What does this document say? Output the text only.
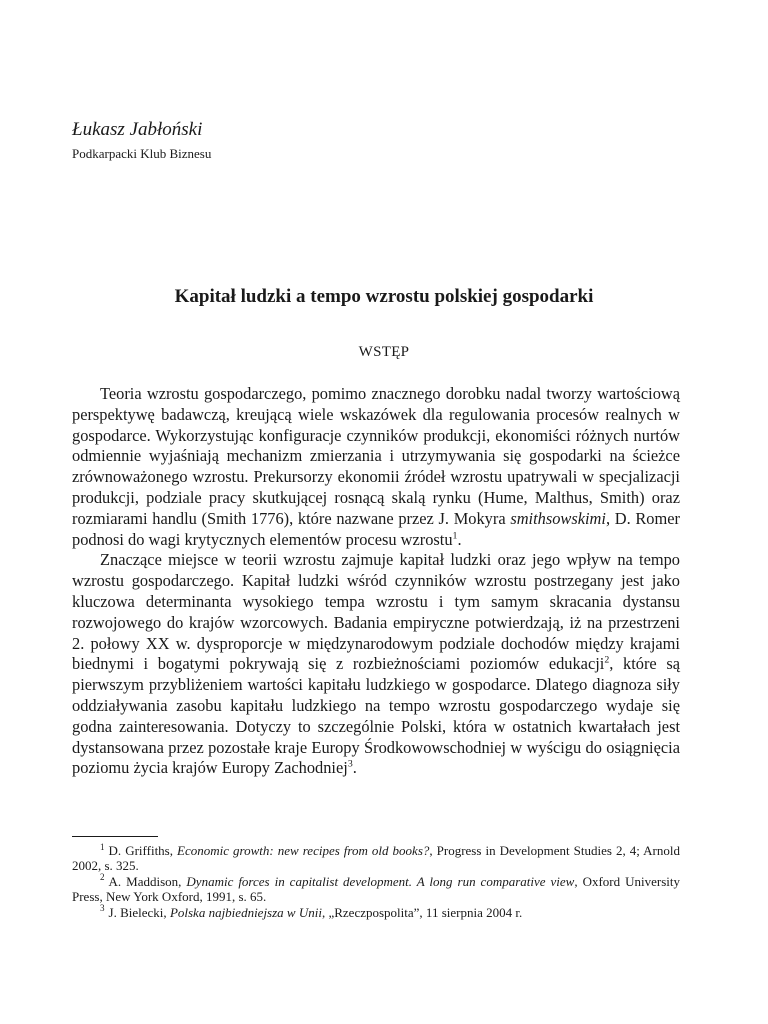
Łukasz Jabłoński
Podkarpacki Klub Biznesu
Kapitał ludzki a tempo wzrostu polskiej gospodarki
WSTĘP

Teoria wzrostu gospodarczego, pomimo znacznego dorobku nadal tworzy wartościową perspektywę badawczą, kreującą wiele wskazówek dla regulowania procesów realnych w gospodarce. Wykorzystując konfiguracje czynników produkcji, ekonomiści różnych nurtów odmiennie wyjaśniają mechanizm zmierzania i utrzymywania się gospodarki na ścieżce zrównoważonego wzrostu. Prekursorzy ekonomii źródeł wzrostu upatrywali w specjalizacji produkcji, podziale pracy skutkującej rosnącą skalą rynku (Hume, Malthus, Smith) oraz rozmiarami handlu (Smith 1776), które nazwane przez J. Mokyra smithsowskimi, D. Romer podnosi do wagi krytycznych elementów procesu wzrostu$^1$.

Znaczące miejsce w teorii wzrostu zajmuje kapitał ludzki oraz jego wpływ na tempo wzrostu gospodarczego. Kapitał ludzki wśród czynników wzrostu postrzegany jest jako kluczowa determinanta wysokiego tempa wzrostu i tym samym skracania dystansu rozwojowego do krajów wzorcowych. Badania empiryczne potwierdzają, iż na przestrzeni 2. połowy XX w. dysproporcje w międzynarodowym podziale dochodów między krajami biednymi i bogatymi pokrywają się z rozbieżnościami poziomów edukacji$^2$, które są pierwszym przybliżeniem wartości kapitału ludzkiego w gospodarce. Dlatego diagnoza siły oddziaływania zasobu kapitału ludzkiego na tempo wzrostu gospodarczego wydaje się godna zainteresowania. Dotyczy to szczególnie Polski, która w ostatnich kwartałach jest dystansowana przez pozostałe kraje Europy Środkowowschodniej w wyścigu do osiągnięcia poziomu życia krajów Europy Zachodniej$^3$.

$^1$ D. Griffiths, Economic growth: new recipes from old books?, Progress in Development Studies 2, 4; Arnold 2002, s. 325.

$^2$ A. Maddison, Dynamic forces in capitalist development. A long run comparative view, Oxford University Press, New York Oxford, 1991, s. 65.

$^3$ J. Bielecki, Polska najbiedniejsza w Unii, „Rzeczpospolita”, 11 sierpnia 2004 r.
